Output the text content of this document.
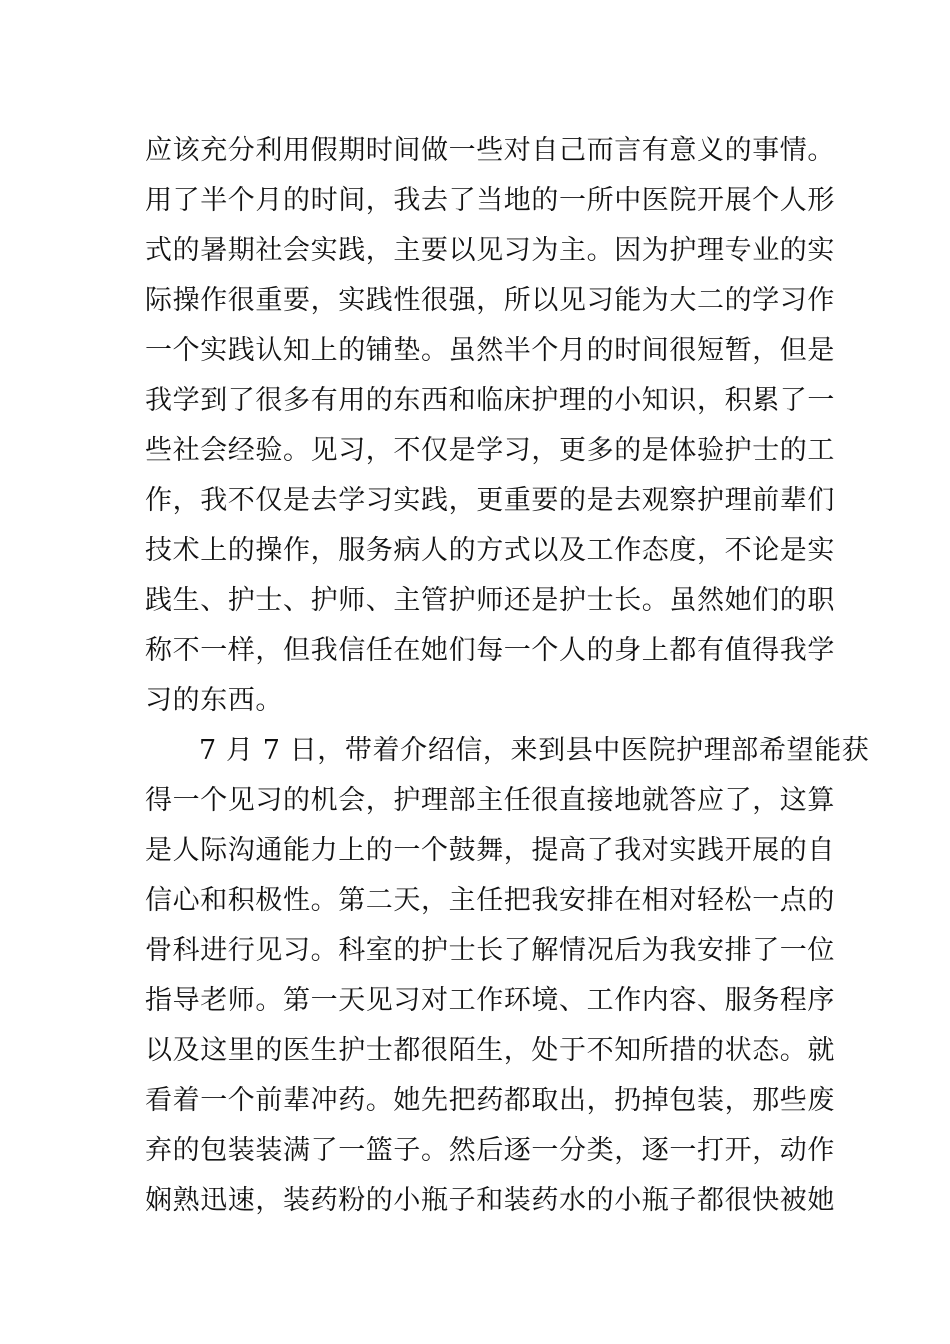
应该充分利用假期时间做一些对自己而言有意义的事情。
用了半个月的时间，我去了当地的一所中医院开展个人形
式的暑期社会实践，主要以见习为主。因为护理专业的实
际操作很重要，实践性很强，所以见习能为大二的学习作
一个实践认知上的铺垫。虽然半个月的时间很短暂，但是
我学到了很多有用的东西和临床护理的小知识，积累了一
些社会经验。见习，不仅是学习，更多的是体验护士的工
作，我不仅是去学习实践，更重要的是去观察护理前辈们
技术上的操作，服务病人的方式以及工作态度，不论是实
践生、护士、护师、主管护师还是护士长。虽然她们的职
称不一样，但我信任在她们每一个人的身上都有值得我学
习的东西。
7 月 7 日，带着介绍信，来到县中医院护理部希望能获
得一个见习的机会，护理部主任很直接地就答应了，这算
是人际沟通能力上的一个鼓舞，提高了我对实践开展的自
信心和积极性。第二天，主任把我安排在相对轻松一点的
骨科进行见习。科室的护士长了解情况后为我安排了一位
指导老师。第一天见习对工作环境、工作内容、服务程序
以及这里的医生护士都很陌生，处于不知所措的状态。就
看着一个前辈冲药。她先把药都取出，扔掉包装，那些废
弃的包装装满了一篮子。然后逐一分类，逐一打开，动作
娴熟迅速，装药粉的小瓶子和装药水的小瓶子都很快被她
